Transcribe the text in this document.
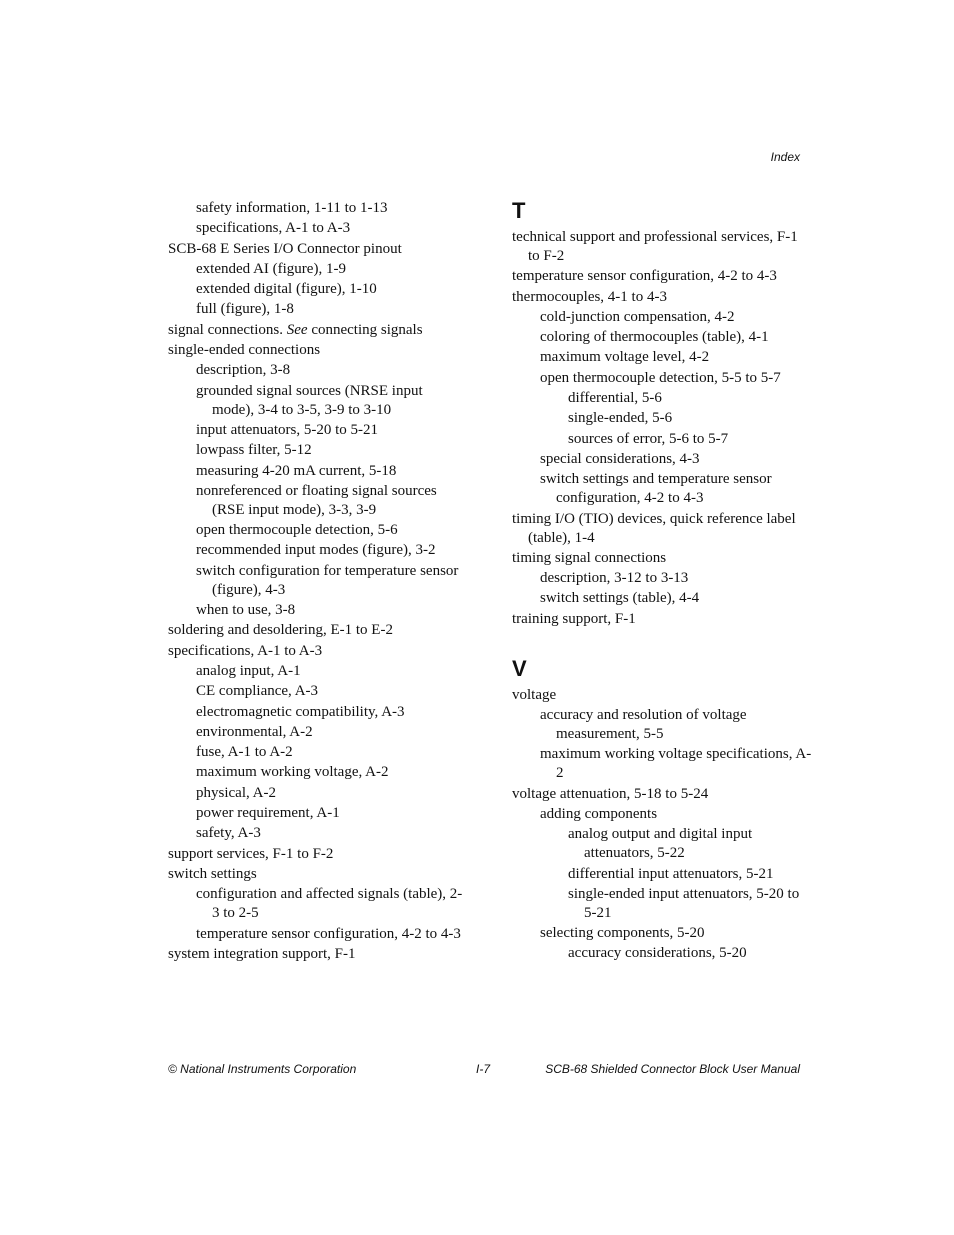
Index

safety information, 1-11 to 1-13

specifications, A-1 to A-3

SCB-68 E Series I/O Connector pinout

extended AI (figure), 1-9

extended digital (figure), 1-10

full (figure), 1-8

signal connections. See connecting signals

single-ended connections

description, 3-8

grounded signal sources (NRSE input mode), 3-4 to 3-5, 3-9 to 3-10

input attenuators, 5-20 to 5-21

lowpass filter, 5-12

measuring 4-20 mA current, 5-18

nonreferenced or floating signal sources (RSE input mode), 3-3, 3-9

open thermocouple detection, 5-6

recommended input modes (figure), 3-2

switch configuration for temperature sensor (figure), 4-3

when to use, 3-8

soldering and desoldering, E-1 to E-2

specifications, A-1 to A-3

analog input, A-1

CE compliance, A-3

electromagnetic compatibility, A-3

environmental, A-2

fuse, A-1 to A-2

maximum working voltage, A-2

physical, A-2

power requirement, A-1

safety, A-3

support services, F-1 to F-2

switch settings

configuration and affected signals (table), 2-3 to 2-5

temperature sensor configuration, 4-2 to 4-3

system integration support, F-1

T

technical support and professional services, F-1 to F-2

temperature sensor configuration, 4-2 to 4-3

thermocouples, 4-1 to 4-3

cold-junction compensation, 4-2

coloring of thermocouples (table), 4-1

maximum voltage level, 4-2

open thermocouple detection, 5-5 to 5-7

differential, 5-6

single-ended, 5-6

sources of error, 5-6 to 5-7

special considerations, 4-3

switch settings and temperature sensor configuration, 4-2 to 4-3

timing I/O (TIO) devices, quick reference label (table), 1-4

timing signal connections

description, 3-12 to 3-13

switch settings (table), 4-4

training support, F-1

V

voltage

accuracy and resolution of voltage measurement, 5-5

maximum working voltage specifications, A-2

voltage attenuation, 5-18 to 5-24

adding components

analog output and digital input attenuators, 5-22

differential input attenuators, 5-21

single-ended input attenuators, 5-20 to 5-21

selecting components, 5-20

accuracy considerations, 5-20

© National Instruments Corporation	I-7	SCB-68 Shielded Connector Block User Manual
